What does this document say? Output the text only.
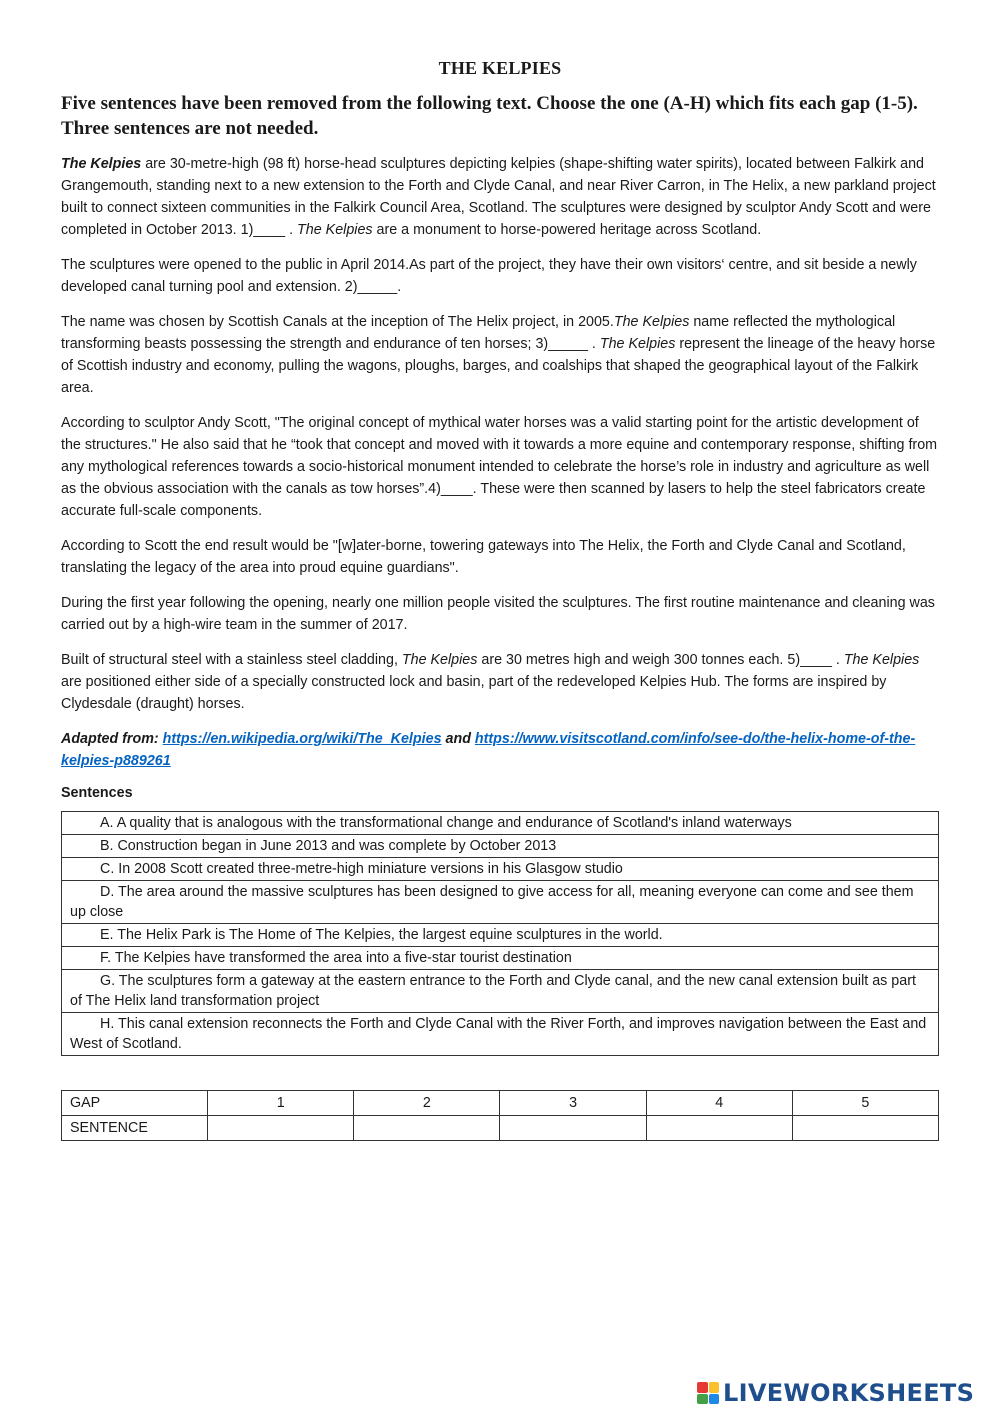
THE KELPIES
Five sentences have been removed from the following text. Choose the one (A-H) which fits each gap (1-5). Three sentences are not needed.

The Kelpies are 30-metre-high (98 ft) horse-head sculptures depicting kelpies (shape-shifting water spirits), located between Falkirk and Grangemouth, standing next to a new extension to the Forth and Clyde Canal, and near River Carron, in The Helix, a new parkland project built to connect sixteen communities in the Falkirk Council Area, Scotland. The sculptures were designed by sculptor Andy Scott and were completed in October 2013. 1)____ . The Kelpies are a monument to horse-powered heritage across Scotland.

The sculptures were opened to the public in April 2014.As part of the project, they have their own visitors‘ centre, and sit beside a newly developed canal turning pool and extension. 2)_____.

The name was chosen by Scottish Canals at the inception of The Helix project, in 2005.The Kelpies name reflected the mythological transforming beasts possessing the strength and endurance of ten horses; 3)_____ . The Kelpies represent the lineage of the heavy horse of Scottish industry and economy, pulling the wagons, ploughs, barges, and coalships that shaped the geographical layout of the Falkirk area.

According to sculptor Andy Scott, "The original concept of mythical water horses was a valid starting point for the artistic development of the structures." He also said that he “took that concept and moved with it towards a more equine and contemporary response, shifting from any mythological references towards a socio-historical monument intended to celebrate the horse’s role in industry and agriculture as well as the obvious association with the canals as tow horses”.4)____. These were then scanned by lasers to help the steel fabricators create accurate full-scale components.

According to Scott the end result would be "[w]ater-borne, towering gateways into The Helix, the Forth and Clyde Canal and Scotland, translating the legacy of the area into proud equine guardians".

During the first year following the opening, nearly one million people visited the sculptures. The first routine maintenance and cleaning was carried out by a high-wire team in the summer of 2017.

Built of structural steel with a stainless steel cladding, The Kelpies are 30 metres high and weigh 300 tonnes each. 5)____ . The Kelpies are positioned either side of a specially constructed lock and basin, part of the redeveloped Kelpies Hub. The forms are inspired by Clydesdale (draught) horses.

Adapted from: https://en.wikipedia.org/wiki/The_Kelpies and https://www.visitscotland.com/info/see-do/the-helix-home-of-the-kelpies-p889261

Sentences
A. A quality that is analogous with the transformational change and endurance of Scotland's inland waterways
B. Construction began in June 2013 and was complete by October 2013
C. In 2008 Scott created three-metre-high miniature versions in his Glasgow studio
D. The area around the massive sculptures has been designed to give access for all, meaning everyone can come and see them up close
E. The Helix Park is The Home of The Kelpies, the largest equine sculptures in the world.
F. The Kelpies have transformed the area into a five-star tourist destination
G. The sculptures form a gateway at the eastern entrance to the Forth and Clyde canal, and the new canal extension built as part of The Helix land transformation project
H. This canal extension reconnects the Forth and Clyde Canal with the River Forth, and improves navigation between the East and West of Scotland.
GAP	1	2	3	4	5
SENTENCE					
LIVEWORKSHEETS
